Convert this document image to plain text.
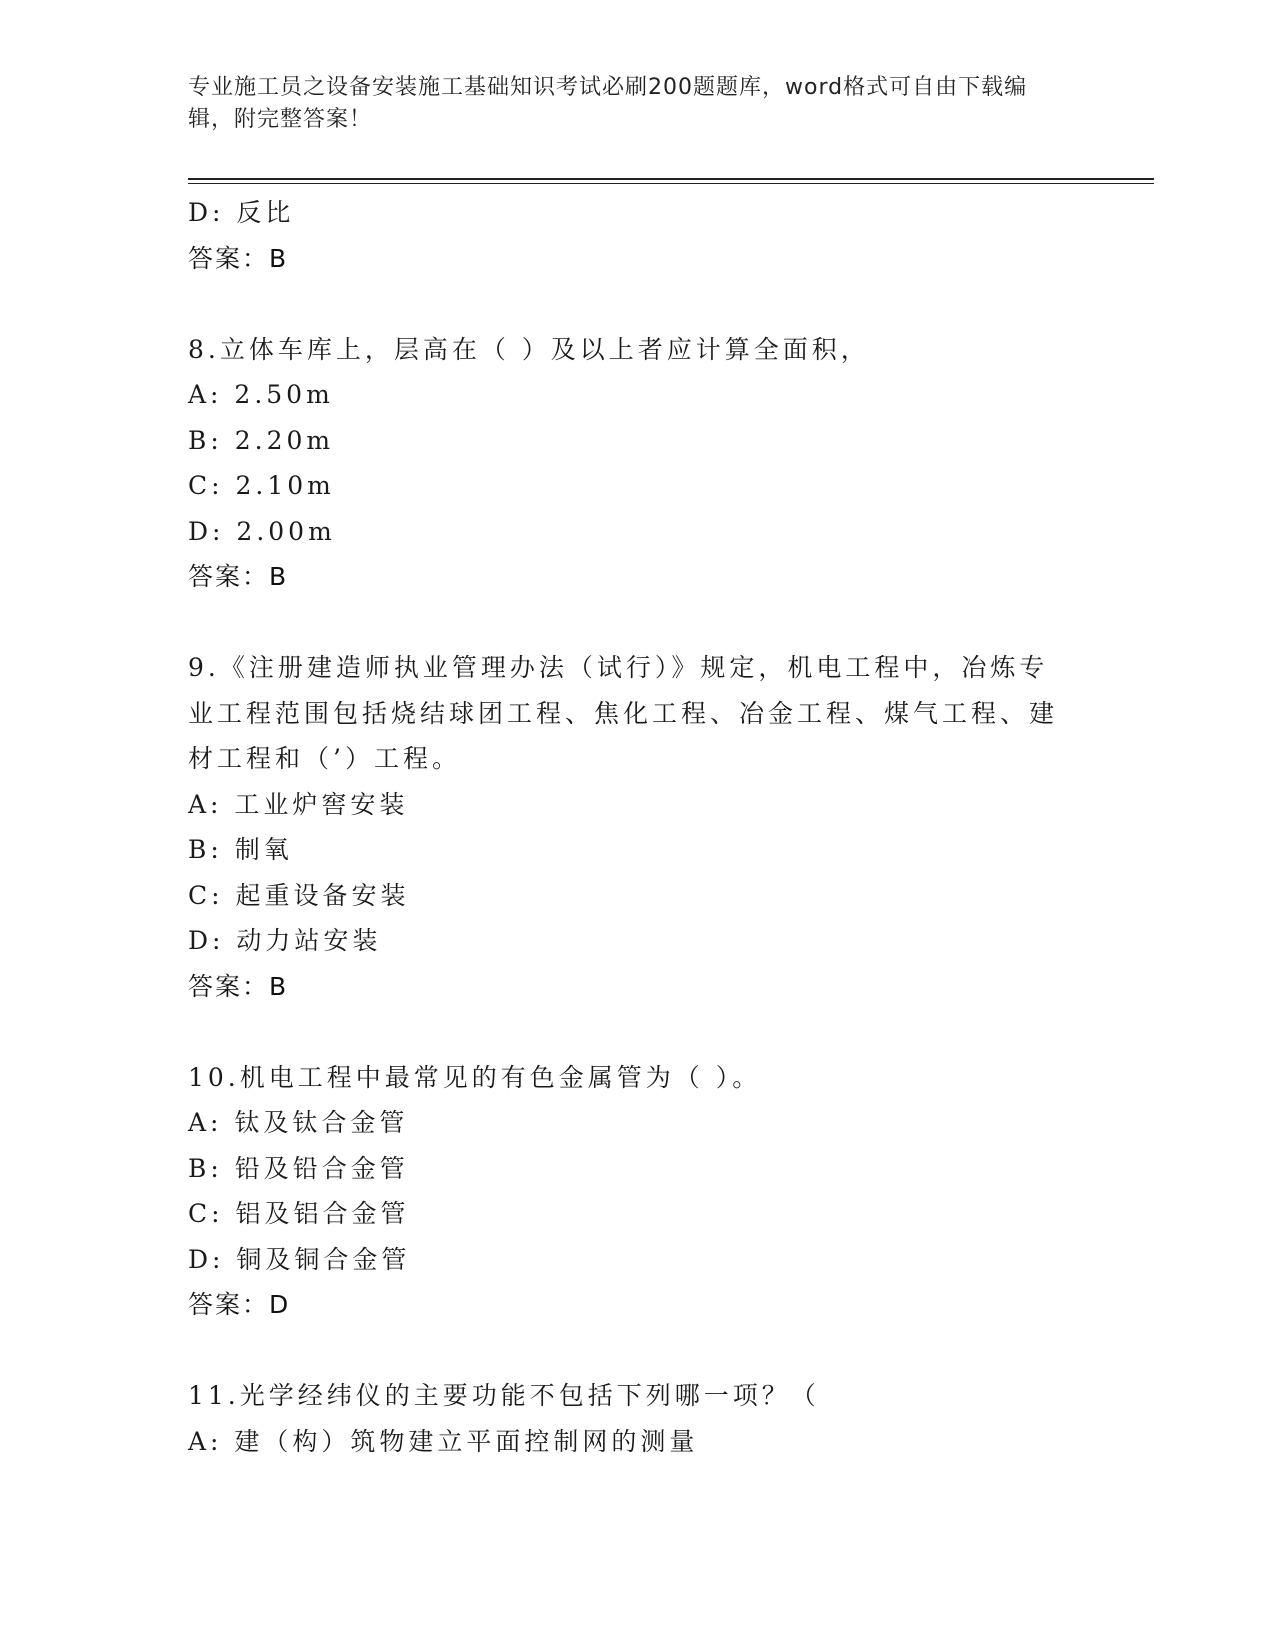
专业施工员之设备安装施工基础知识考试必刷200题题库，word格式可自由下载编辑，附完整答案！
D: 反比
答案：B
8.立体车库上，层高在（ ）及以上者应计算全面积，
A: 2.50m
B: 2.20m
C: 2.10m
D: 2.00m
答案：B
9.《注册建造师执业管理办法（试行）》规定，机电工程中，冶炼专业工程范围包括烧结球团工程、焦化工程、冶金工程、煤气工程、建材工程和（’）工程。
A: 工业炉窖安装
B: 制氧
C: 起重设备安装
D: 动力站安装
答案：B
10.机电工程中最常见的有色金属管为（ ）。
A: 钛及钛合金管
B: 铅及铅合金管
C: 铝及铝合金管
D: 铜及铜合金管
答案：D
11.光学经纬仪的主要功能不包括下列哪一项？（
A: 建（构）筑物建立平面控制网的测量
